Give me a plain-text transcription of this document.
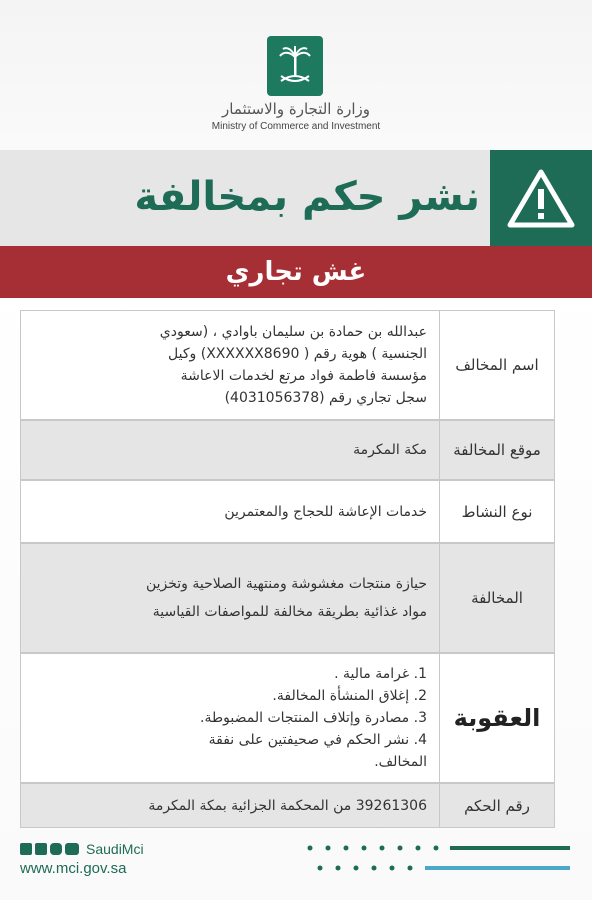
وزارة التجارة والاستثمار
Ministry of Commerce and Investment
نشر حكم بمخالفة
غش تجاري
اسم المخالف
عبدالله بن حمادة بن سليمان باوادي ، (سعودي
الجنسية ) هوية رقم ( XXXXXX8690) وكيل
مؤسسة فاطمة فواد مرتع لخدمات الاعاشة
سجل تجاري رقم (4031056378)
موقع المخالفة
مكة المكرمة
نوع النشاط
خدمات الإعاشة للحجاج والمعتمرين
المخالفة
حيازة منتجات مغشوشة ومنتهية الصلاحية وتخزين
مواد غذائية بطريقة مخالفة للمواصفات القياسية
العقوبة
1. غرامة مالية .
2. إغلاق المنشأة المخالفة.
3. مصادرة وإتلاف المنتجات المضبوطة.
4. نشر الحكم في صحيفتين على نفقة
المخالف.
رقم الحكم
39261306 من المحكمة الجزائية بمكة المكرمة
SaudiMci
www.mci.gov.sa
